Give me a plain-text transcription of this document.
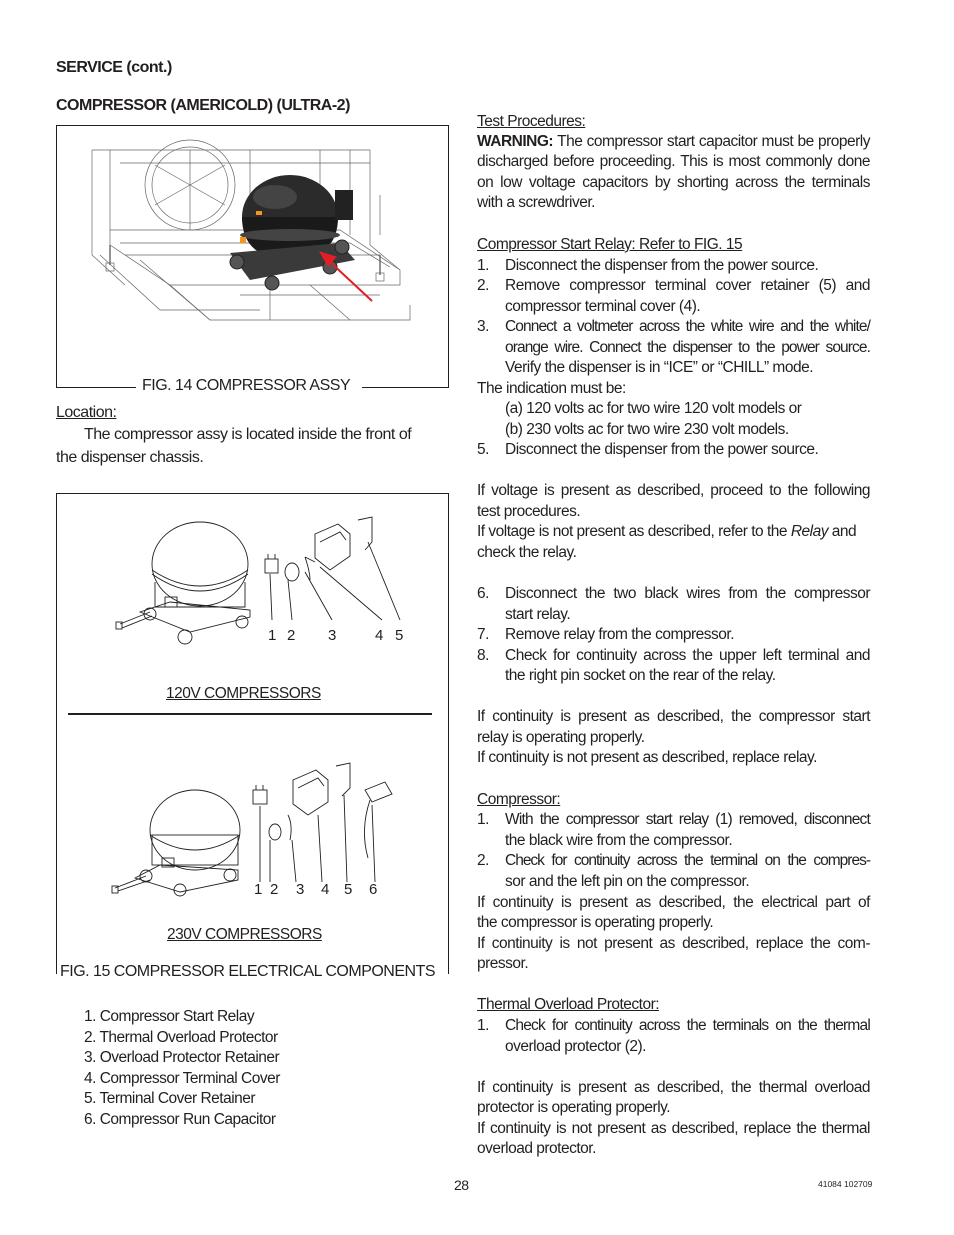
SERVICE (cont.)
COMPRESSOR (AMERICOLD) (ULTRA-2)
FIG. 14 COMPRESSOR ASSY
Location:
The compressor assy is located inside the front of
the dispenser chassis.
FIG. 15 COMPRESSOR ELECTRICAL COMPONENTS
1 2 3	4 5
120V COMPRESSORS
1 2 3 4 5 6
230V COMPRESSORS
1. Compressor Start Relay
2. Thermal Overload Protector
3. Overload Protector Retainer
4. Compressor Terminal Cover
5. Terminal Cover Retainer
6. Compressor Run Capacitor
Test Procedures:
WARNING: The compressor start capacitor must be properly
discharged before proceeding. This is most commonly done
on low voltage capacitors by shorting across the terminals
with a screwdriver.
Compressor Start Relay: Refer to FIG. 15
1. Disconnect the dispenser from the power source.
2. Remove compressor terminal cover retainer (5) and
compressor terminal cover (4).
3. Connect a voltmeter across the white wire and the white/
orange wire. Connect the dispenser to the power source.
Verify the dispenser is in “ICE” or “CHILL” mode.
The indication must be:
(a) 120 volts ac for two wire 120 volt models or
(b) 230 volts ac for two wire 230 volt models.
5. Disconnect the dispenser from the power source.
If voltage is present as described, proceed to the following
test procedures.
If voltage is not present as described, refer to the Relay and
check the relay.
6. Disconnect the two black wires from the compressor
start relay.
7. Remove relay from the compressor.
8. Check for continuity across the upper left terminal and
the right pin socket on the rear of the relay.
If continuity is present as described, the compressor start
relay is operating properly.
If continuity is not present as described, replace relay.
Compressor:
1. With the compressor start relay (1) removed, disconnect
the black wire from the compressor.
2. Check for continuity across the terminal on the compres-
sor and the left pin on the compressor.
If continuity is present as described, the electrical part of
the compressor is operating properly.
If continuity is not present as described, replace the com-
pressor.
Thermal Overload Protector:
1. Check for continuity across the terminals on the thermal
overload protector (2).
If continuity is present as described, the thermal overload
protector is operating properly.
If continuity is not present as described, replace the thermal
overload protector.
28	41084 102709
